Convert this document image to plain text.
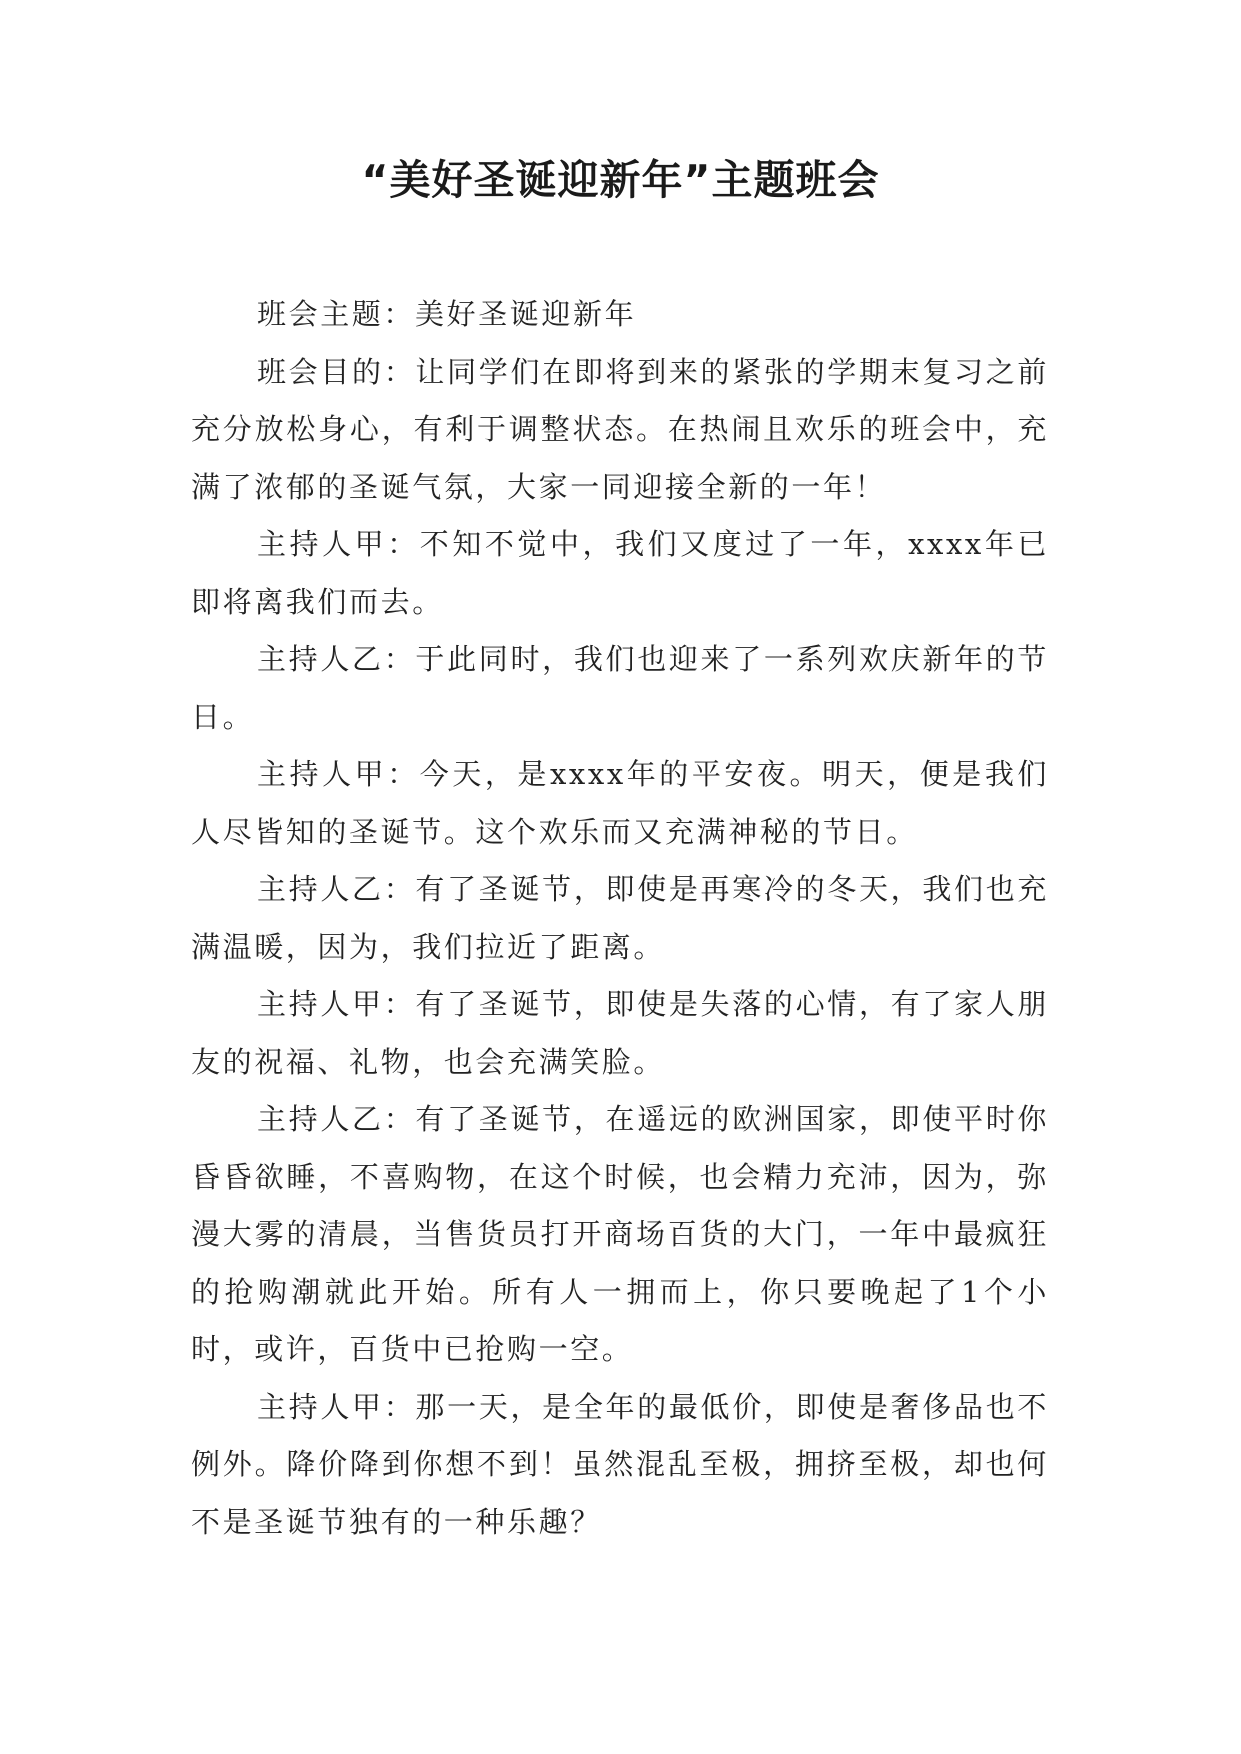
“美好圣诞迎新年”主题班会

班会主题：美好圣诞迎新年

班会目的：让同学们在即将到来的紧张的学期末复习之前充分放松身心，有利于调整状态。在热闹且欢乐的班会中，充满了浓郁的圣诞气氛，大家一同迎接全新的一年！

主持人甲：不知不觉中，我们又度过了一年，xxxx年已即将离我们而去。

主持人乙：于此同时，我们也迎来了一系列欢庆新年的节日。

主持人甲：今天，是xxxx年的平安夜。明天，便是我们人尽皆知的圣诞节。这个欢乐而又充满神秘的节日。

主持人乙：有了圣诞节，即使是再寒冷的冬天，我们也充满温暖，因为，我们拉近了距离。

主持人甲：有了圣诞节，即使是失落的心情，有了家人朋友的祝福、礼物，也会充满笑脸。

主持人乙：有了圣诞节，在遥远的欧洲国家，即使平时你昏昏欲睡，不喜购物，在这个时候，也会精力充沛，因为，弥漫大雾的清晨，当售货员打开商场百货的大门，一年中最疯狂的抢购潮就此开始。所有人一拥而上，你只要晚起了1个小时，或许，百货中已抢购一空。

主持人甲：那一天，是全年的最低价，即使是奢侈品也不例外。降价降到你想不到！虽然混乱至极，拥挤至极，却也何不是圣诞节独有的一种乐趣？
